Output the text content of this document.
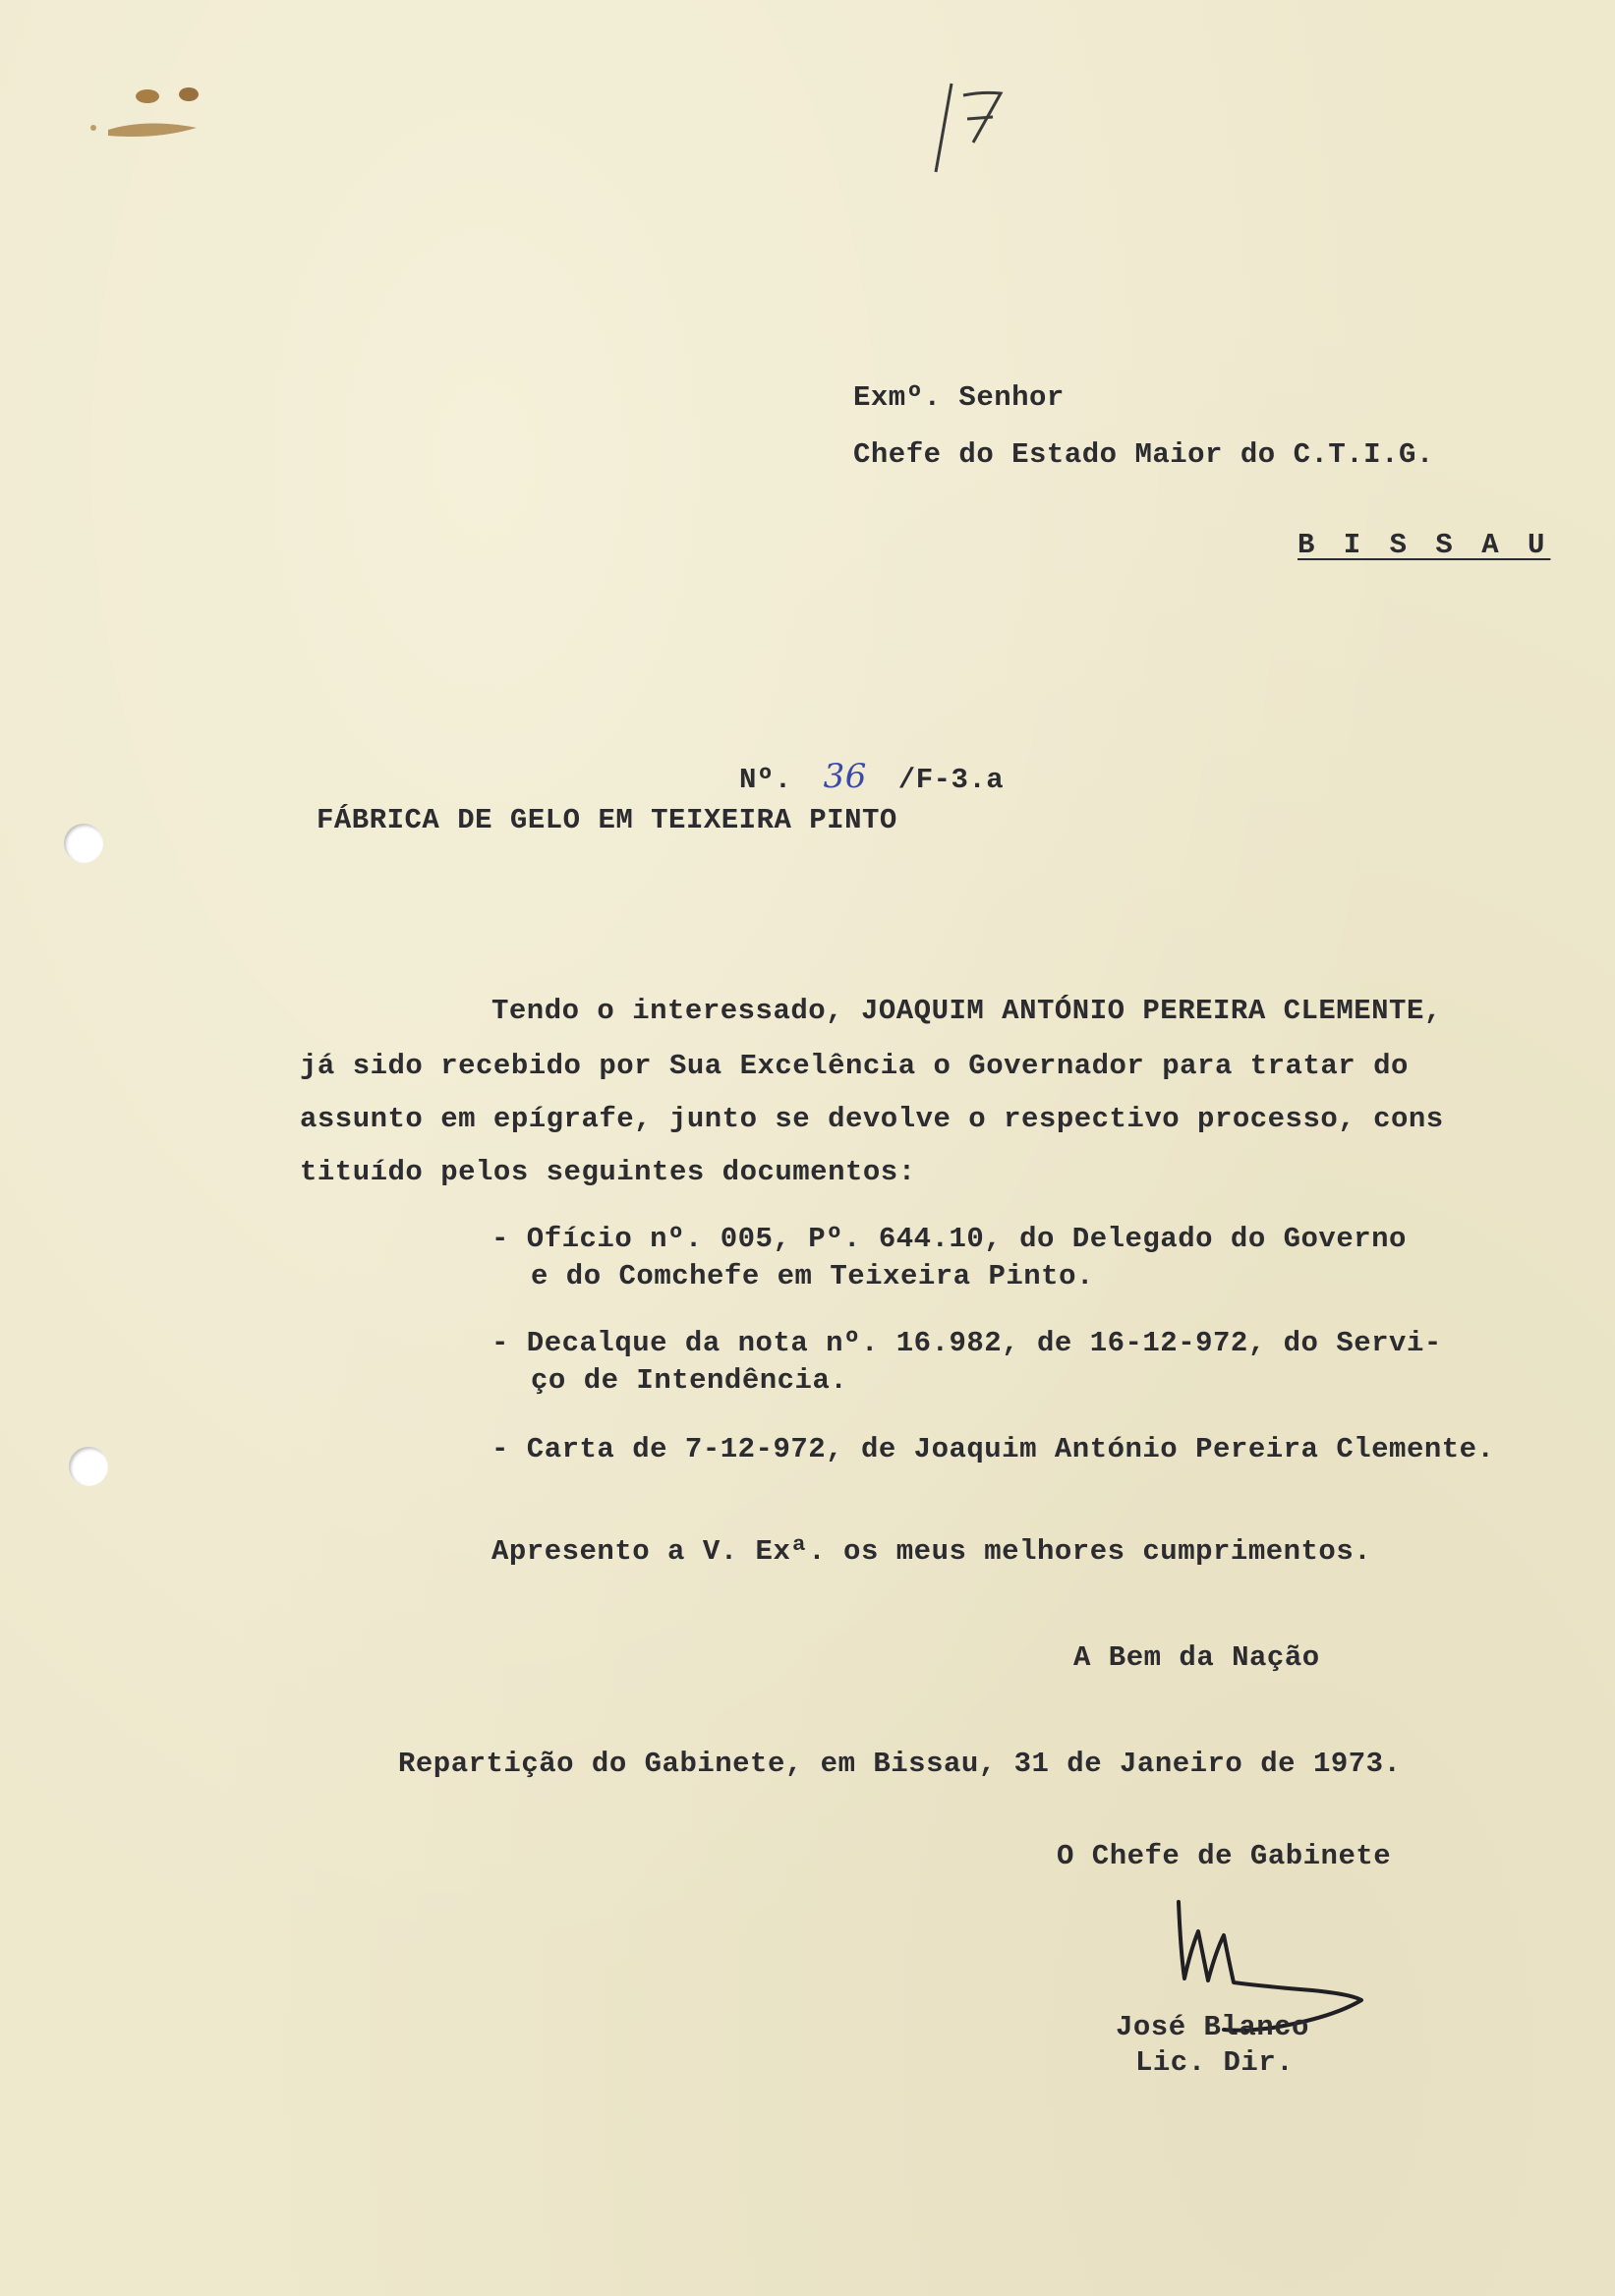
17
Exmº. Senhor
Chefe do Estado Maior do C.T.I.G.
B I S S A U
Nº. 36 /F-3.a
FÁBRICA DE GELO EM TEIXEIRA PINTO
Tendo o interessado, JOAQUIM ANTÓNIO PEREIRA CLEMENTE,
já sido recebido por Sua Excelência o Governador para tratar do
assunto em epígrafe, junto se devolve o respectivo processo, cons
tituído pelos seguintes documentos:
- Ofício nº. 005, Pº. 644.10, do Delegado do Governo
e do Comchefe em Teixeira Pinto.
- Decalque da nota nº. 16.982, de 16-12-972, do Servi-
ço de Intendência.
- Carta de 7-12-972, de Joaquim António Pereira Clemente.
Apresento a V. Exª. os meus melhores cumprimentos.
A Bem da Nação
Repartição do Gabinete, em Bissau, 31 de Janeiro de 1973.
O Chefe de Gabinete
José Blanco
Lic. Dir.
